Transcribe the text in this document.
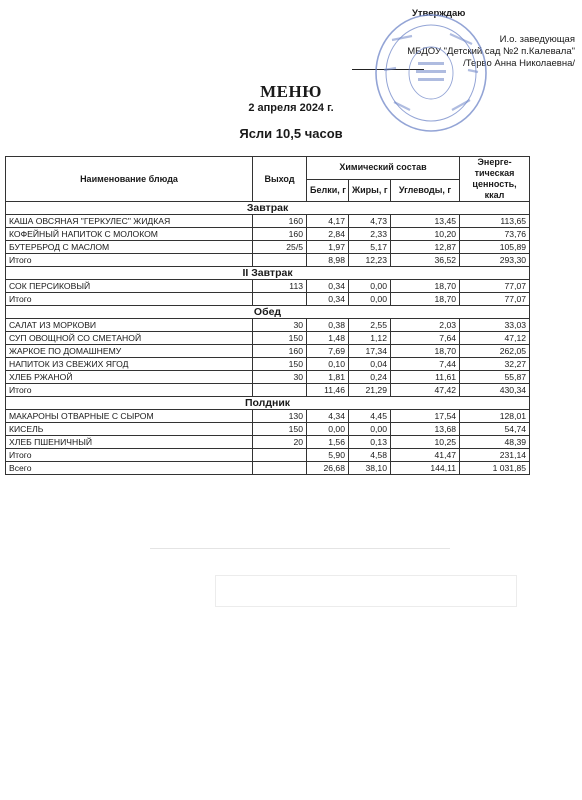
Утверждаю
И.о. заведующая
МБДОУ "Детский сад №2 п.Калевала"
/Терво Анна Николаевна/
МЕНЮ
2 апреля 2024 г.
Ясли 10,5 часов
Наименование блюда	Выход	Химический состав			Энерге-тическая ценность, ккал
		Белки, г	Жиры, г	Углеводы, г	
Завтрак					
КАША ОВСЯНАЯ "ГЕРКУЛЕС" ЖИДКАЯ	160	4,17	4,73	13,45	113,65
КОФЕЙНЫЙ НАПИТОК С МОЛОКОМ	160	2,84	2,33	10,20	73,76
БУТЕРБРОД С МАСЛОМ	25/5	1,97	5,17	12,87	105,89
Итого		8,98	12,23	36,52	293,30
II Завтрак					
СОК ПЕРСИКОВЫЙ	113	0,34	0,00	18,70	77,07
Итого		0,34	0,00	18,70	77,07
Обед					
САЛАТ ИЗ МОРКОВИ	30	0,38	2,55	2,03	33,03
СУП ОВОЩНОЙ СО СМЕТАНОЙ	150	1,48	1,12	7,64	47,12
ЖАРКОЕ ПО ДОМАШНЕМУ	160	7,69	17,34	18,70	262,05
НАПИТОК ИЗ СВЕЖИХ ЯГОД	150	0,10	0,04	7,44	32,27
ХЛЕБ РЖАНОЙ	30	1,81	0,24	11,61	55,87
Итого		11,46	21,29	47,42	430,34
Полдник					
МАКАРОНЫ ОТВАРНЫЕ С СЫРОМ	130	4,34	4,45	17,54	128,01
КИСЕЛЬ	150	0,00	0,00	13,68	54,74
ХЛЕБ ПШЕНИЧНЫЙ	20	1,56	0,13	10,25	48,39
Итого		5,90	4,58	41,47	231,14
Всего		26,68	38,10	144,11	1 031,85
